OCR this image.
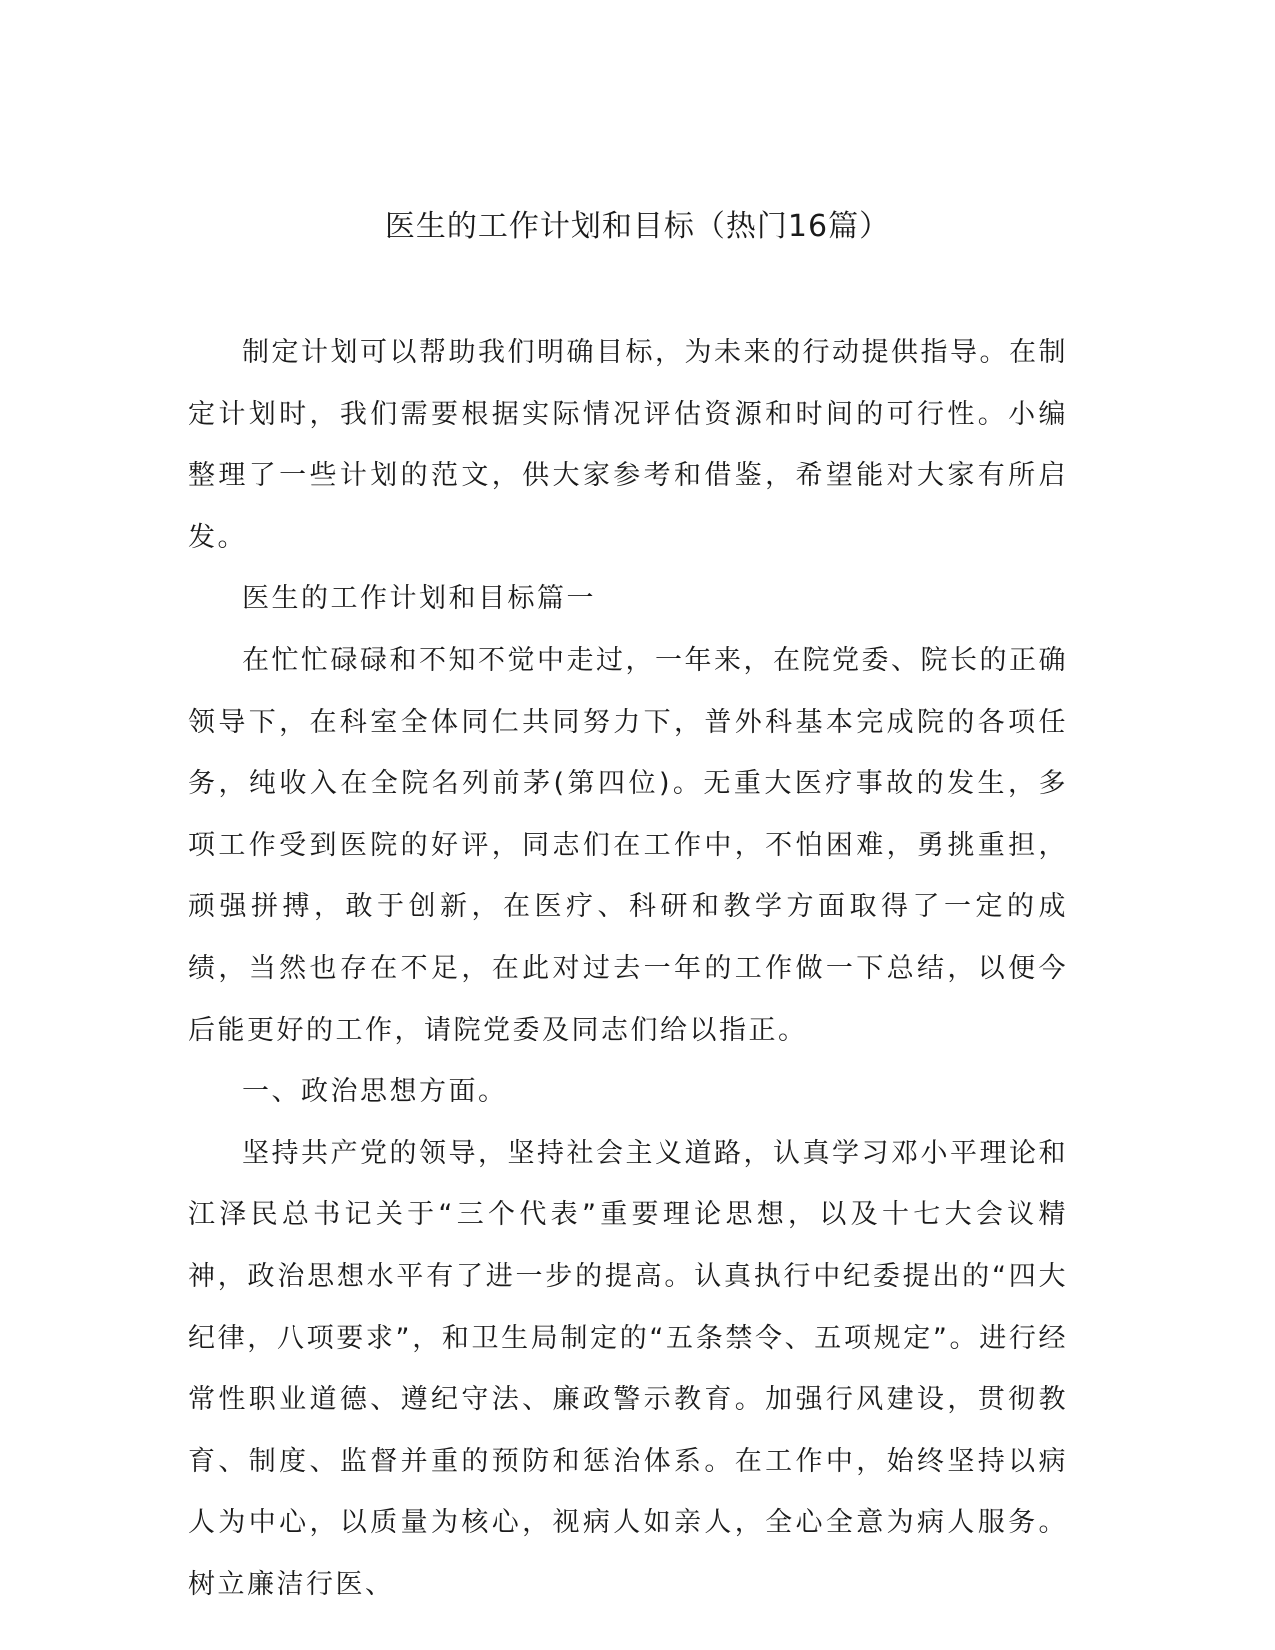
医生的工作计划和目标（热门16篇）

制定计划可以帮助我们明确目标，为未来的行动提供指导。在制定计划时，我们需要根据实际情况评估资源和时间的可行性。小编整理了一些计划的范文，供大家参考和借鉴，希望能对大家有所启发。

医生的工作计划和目标篇一

在忙忙碌碌和不知不觉中走过，一年来，在院党委、院长的正确领导下，在科室全体同仁共同努力下，普外科基本完成院的各项任务，纯收入在全院名列前茅(第四位)。无重大医疗事故的发生，多项工作受到医院的好评，同志们在工作中，不怕困难，勇挑重担，顽强拼搏，敢于创新，在医疗、科研和教学方面取得了一定的成绩，当然也存在不足，在此对过去一年的工作做一下总结，以便今后能更好的工作，请院党委及同志们给以指正。

一、政治思想方面。

坚持共产党的领导，坚持社会主义道路，认真学习邓小平理论和江泽民总书记关于“三个代表”重要理论思想，以及十七大会议精神，政治思想水平有了进一步的提高。认真执行中纪委提出的“四大纪律，八项要求”，和卫生局制定的“五条禁令、五项规定”。进行经常性职业道德、遵纪守法、廉政警示教育。加强行风建设，贯彻教育、制度、监督并重的预防和惩治体系。在工作中，始终坚持以病人为中心，以质量为核心，视病人如亲人，全心全意为病人服务。树立廉洁行医、
